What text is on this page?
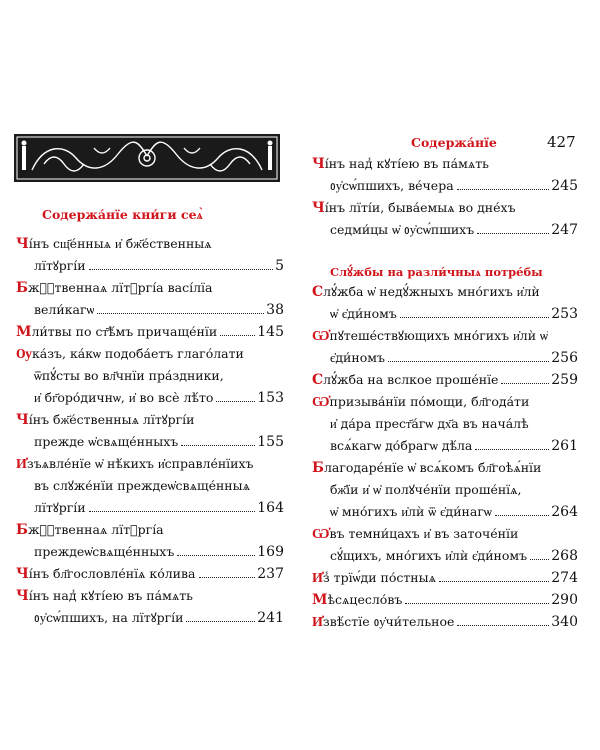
Содержа́нїе кни́ги сеѧ̀
Ч і́нъ сщ҃е́нныѧ и҆ бж҃е́ственныѧ
лїтꙋргі́и	5
Б жⷭ҇твеннаѧ лїтꙋргі́а васі́лїа
вели́кагѡ	38
М ли́твы по ст҃ѣ́мъ причаще́нїи	145
Ѹ ка́зъ, ка́кѡ подоба́етъ глаго́лати
ѿпꙋ́сты во вл҃чнїи пра́здники,
и҆ бг҃оро́дичнѡ, и҆ во всѐ лѣ́то	153
Ч і́нъ бж҃е́ственныѧ лїтꙋргі́и
прежде ѡ҆свѧще́нныхъ	155
И҆ зъѧвле́нїе ѡ҆ нѣ́кихъ и҆справле́нїихъ
въ слꙋже́нїи преждеѡ҆свѧще́нныѧ
лїтꙋргі́и	164
Б жⷭ҇твеннаѧ лїтꙋргі́а
преждеѡ҆свѧще́нныхъ	169
Ч і́нъ бл҃гословле́нїѧ ко́лива	237
Ч і́нъ над̾ кꙋті́ею въ па́мѧть
ᲂу҆сѡ́пшихъ, на лїтꙋргі́и	241
Содержа́нїе	427
Ч і́нъ над̾ кꙋті́ею въ па́мѧть
ᲂу҆сѡ́пшихъ, ве́чера	245
Ч і́нъ лїті́и, быва́емыѧ во дне́хъ
седми́цы ѡ҆ ᲂу҆сѡ́пшихъ	247
Слꙋ́жбы на разли́чныѧ потре́бы
С лꙋ́жба ѡ҆ недꙋ́жныхъ мно́гихъ и҆лѝ
ѡ҆ є҆ди́номъ	253
Ѡ҆ пꙋтеше́ствꙋющихъ мно́гихъ и҆лѝ ѡ҆
є҆ди́номъ	256
С лꙋ́жба на вслкое проше́нїе	259
Ѡ҆ призыва́нїи по́мощи, бл҃года́ти
и҆ да́ра прест҃а́гѡ дх҃а въ нача́лѣ
всѧ́кагѡ до́брагѡ дѣ́ла	261
Б лагодаре́нїе ѡ҆ всѧ́комъ бл҃гоѣѧ́нїи
бж҃їи и҆ ѡ҆ полꙋче́нїи проше́нїѧ,
ѡ҆ мно́гихъ и҆лѝ ѿ є҆ди́нагѡ	264
Ѡ҆ въ темни́цахъ и҆ въ заточе́нїи
сꙋ́щихъ, мно́гихъ и҆лѝ є҆ди́номъ 268
И҆ з̾ трїѡ́ди по́стныѧ	274
М ѣсѧцесло́въ	290
И҆ звѣ́стїе ᲂу҆чи́тельное	340
